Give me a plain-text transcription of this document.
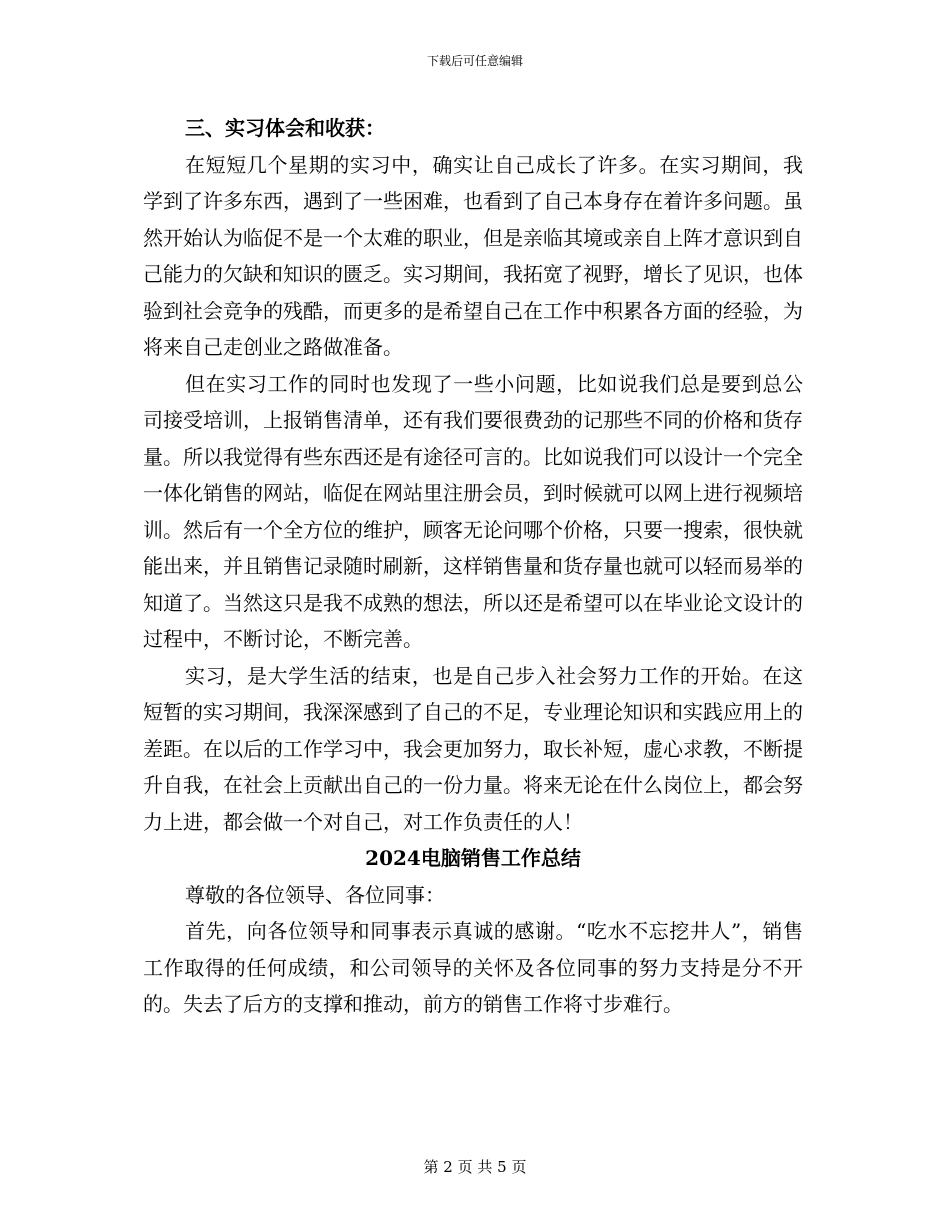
下载后可任意编辑

三、实习体会和收获：

在短短几个星期的实习中，确实让自己成长了许多。在实习期间，我学到了许多东西，遇到了一些困难，也看到了自己本身存在着许多问题。虽然开始认为临促不是一个太难的职业，但是亲临其境或亲自上阵才意识到自己能力的欠缺和知识的匮乏。实习期间，我拓宽了视野，增长了见识，也体验到社会竞争的残酷，而更多的是希望自己在工作中积累各方面的经验，为将来自己走创业之路做准备。

但在实习工作的同时也发现了一些小问题，比如说我们总是要到总公司接受培训，上报销售清单，还有我们要很费劲的记那些不同的价格和货存量。所以我觉得有些东西还是有途径可言的。比如说我们可以设计一个完全一体化销售的网站，临促在网站里注册会员，到时候就可以网上进行视频培训。然后有一个全方位的维护，顾客无论问哪个价格，只要一搜索，很快就能出来，并且销售记录随时刷新，这样销售量和货存量也就可以轻而易举的知道了。当然这只是我不成熟的想法，所以还是希望可以在毕业论文设计的过程中，不断讨论，不断完善。

实习，是大学生活的结束，也是自己步入社会努力工作的开始。在这短暂的实习期间，我深深感到了自己的不足，专业理论知识和实践应用上的差距。在以后的工作学习中，我会更加努力，取长补短，虚心求教，不断提升自我，在社会上贡献出自己的一份力量。将来无论在什么岗位上，都会努力上进，都会做一个对自己，对工作负责任的人！

2024电脑销售工作总结

尊敬的各位领导、各位同事：

首先，向各位领导和同事表示真诚的感谢。“吃水不忘挖井人”，销售工作取得的任何成绩，和公司领导的关怀及各位同事的努力支持是分不开的。失去了后方的支撑和推动，前方的销售工作将寸步难行。

第 2 页 共 5 页
